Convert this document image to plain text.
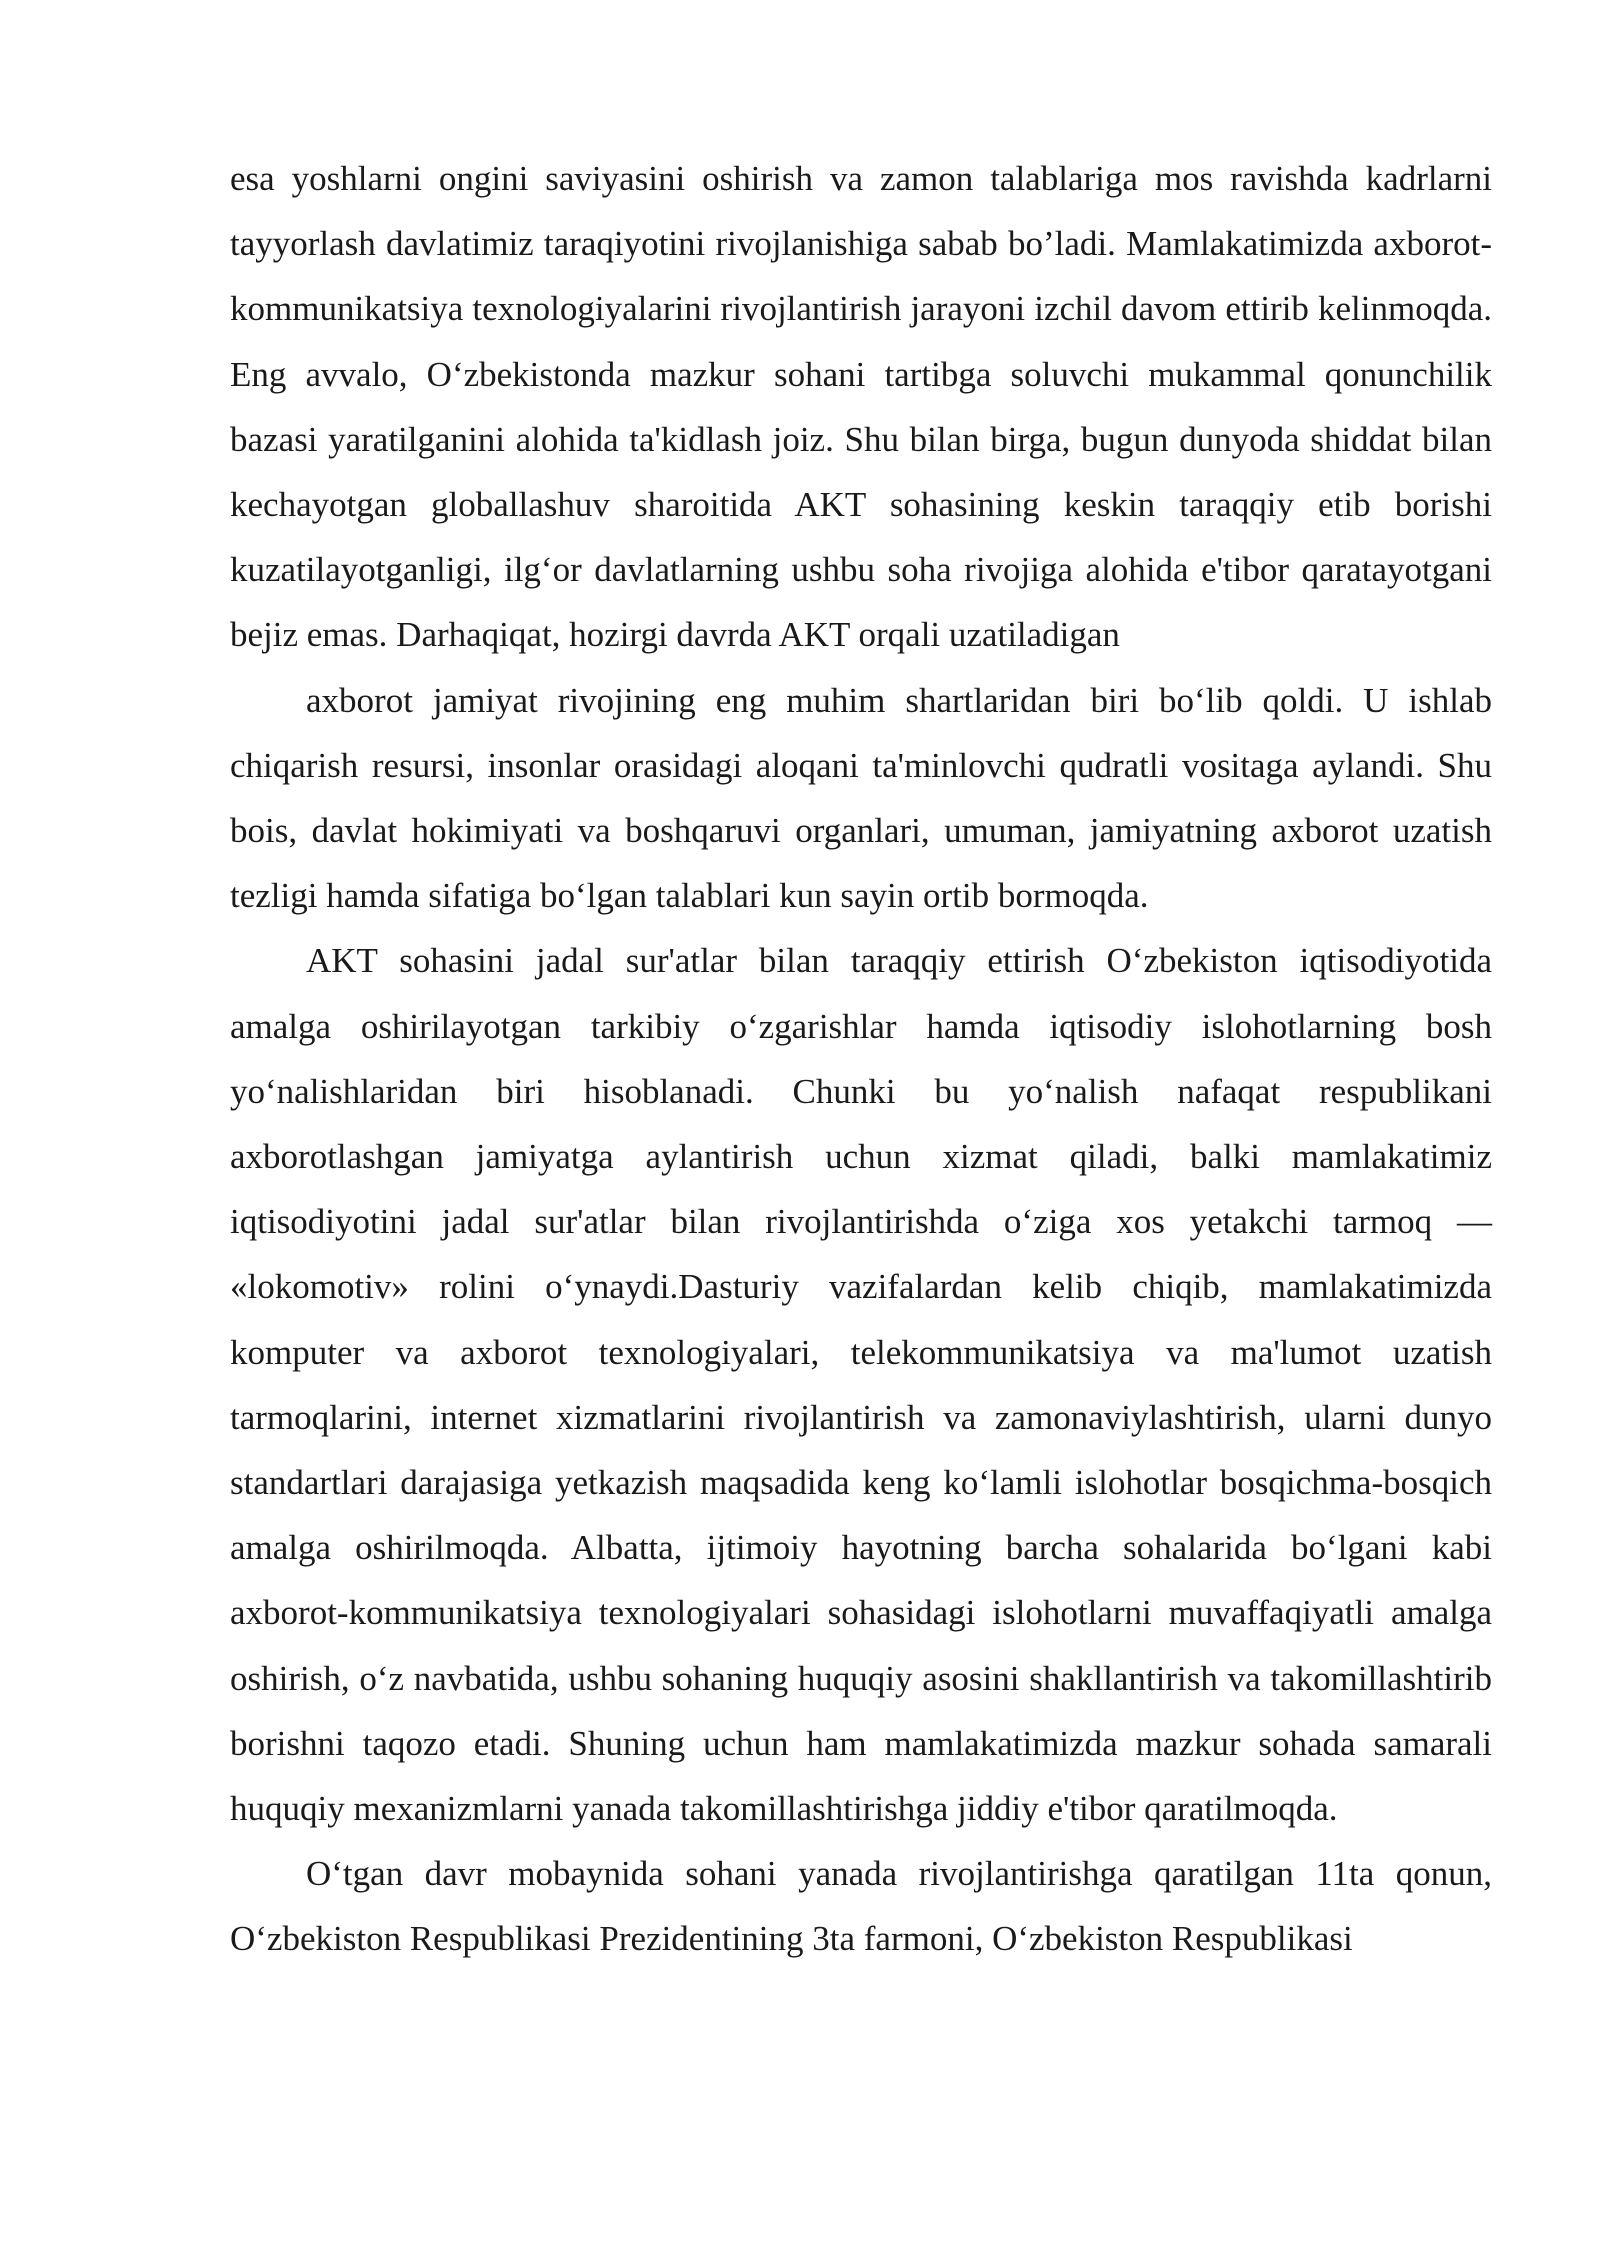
esa yoshlarni ongini saviyasini oshirish va zamon talablariga mos ravishda kadrlarni tayyorlash davlatimiz taraqiyotini rivojlanishiga sabab bo’ladi. Mamlakatimizda axborot-kommunikatsiya texnologiyalarini rivojlantirish jarayoni izchil davom ettirib kelinmoqda. Eng avvalo, O‘zbekistonda mazkur sohani tartibga soluvchi mukammal qonunchilik bazasi yaratilganini alohida ta'kidlash joiz. Shu bilan birga, bugun dunyoda shiddat bilan kechayotgan globallashuv sharoitida AKT sohasining keskin taraqqiy etib borishi kuzatilayotganligi, ilg‘or davlatlarning ushbu soha rivojiga alohida e'tibor qaratayotgani bejiz emas. Darhaqiqat, hozirgi davrda AKT orqali uzatiladigan

axborot jamiyat rivojining eng muhim shartlaridan biri bo‘lib qoldi. U ishlab chiqarish resursi, insonlar orasidagi aloqani ta'minlovchi qudratli vositaga aylandi. Shu bois, davlat hokimiyati va boshqaruvi organlari, umuman, jamiyatning axborot uzatish tezligi hamda sifatiga bo‘lgan talablari kun sayin ortib bormoqda.

AKT sohasini jadal sur'atlar bilan taraqqiy ettirish O‘zbekiston iqtisodiyotida amalga oshirilayotgan tarkibiy o‘zgarishlar hamda iqtisodiy islohotlarning bosh yo‘nalishlaridan biri hisoblanadi. Chunki bu yo‘nalish nafaqat respublikani axborotlashgan jamiyatga aylantirish uchun xizmat qiladi, balki mamlakatimiz iqtisodiyotini jadal sur'atlar bilan rivojlantirishda o‘ziga xos yetakchi tarmoq — «lokomotiv» rolini o‘ynaydi.Dasturiy vazifalardan kelib chiqib, mamlakatimizda komputer va axborot texnologiyalari, telekommunikatsiya va ma'lumot uzatish tarmoqlarini, internet xizmatlarini rivojlantirish va zamonaviylashtirish, ularni dunyo standartlari darajasiga yetkazish maqsadida keng ko‘lamli islohotlar bosqichma-bosqich amalga oshirilmoqda. Albatta, ijtimoiy hayotning barcha sohalarida bo‘lgani kabi axborot-kommunikatsiya texnologiyalari sohasidagi islohotlarni muvaffaqiyatli amalga oshirish, o‘z navbatida, ushbu sohaning huquqiy asosini shakllantirish va takomillashtirib borishni taqozo etadi. Shuning uchun ham mamlakatimizda mazkur sohada samarali huquqiy mexanizmlarni yanada takomillashtirishga jiddiy e'tibor qaratilmoqda.

O‘tgan davr mobaynida sohani yanada rivojlantirishga qaratilgan 11ta qonun, O‘zbekiston Respublikasi Prezidentining 3ta farmoni, O‘zbekiston Respublikasi
